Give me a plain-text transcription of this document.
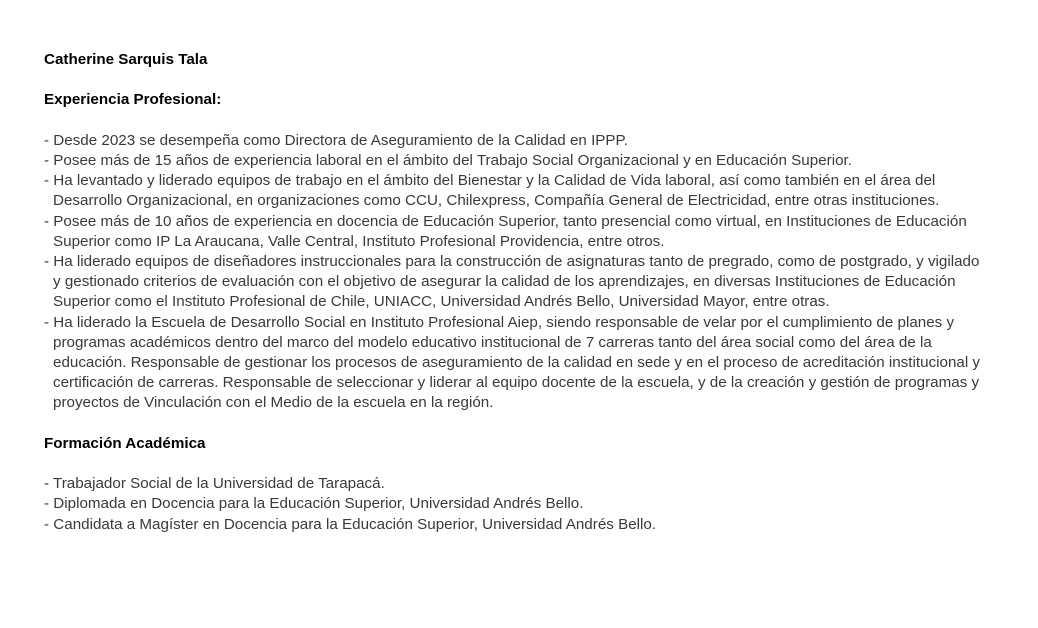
Catherine Sarquis Tala
Experiencia Profesional:
- Desde 2023 se desempeña como Directora de Aseguramiento de la Calidad en IPPP.
- Posee más de 15 años de experiencia laboral en el ámbito del Trabajo Social Organizacional y en Educación Superior.
- Ha levantado y liderado equipos de trabajo en el ámbito del Bienestar y la Calidad de Vida laboral, así como también en el área del Desarrollo Organizacional, en organizaciones como CCU, Chilexpress, Compañía General de Electricidad, entre otras instituciones.
- Posee más de 10 años de experiencia en docencia de Educación Superior, tanto presencial como virtual, en Instituciones de Educación Superior como IP La Araucana, Valle Central, Instituto Profesional Providencia, entre otros.
- Ha liderado equipos de diseñadores instruccionales para la construcción de asignaturas tanto de pregrado, como de postgrado, y vigilado y gestionado criterios de evaluación con el objetivo de asegurar la calidad de los aprendizajes, en diversas Instituciones de Educación Superior como el Instituto Profesional de Chile, UNIACC, Universidad Andrés Bello, Universidad Mayor, entre otras.
- Ha liderado la Escuela de Desarrollo Social en Instituto Profesional Aiep, siendo responsable de velar por el cumplimiento de planes y programas académicos dentro del marco del modelo educativo institucional de 7 carreras tanto del área social como del área de la educación. Responsable de gestionar los procesos de aseguramiento de la calidad en sede y en el proceso de acreditación institucional y certificación de carreras. Responsable de seleccionar y liderar al equipo docente de la escuela, y de la creación y gestión de programas y proyectos de Vinculación con el Medio de la escuela en la región.
Formación Académica
- Trabajador Social de la Universidad de Tarapacá.
- Diplomada en Docencia para la Educación Superior, Universidad Andrés Bello.
- Candidata a Magíster en Docencia para la Educación Superior, Universidad Andrés Bello.
